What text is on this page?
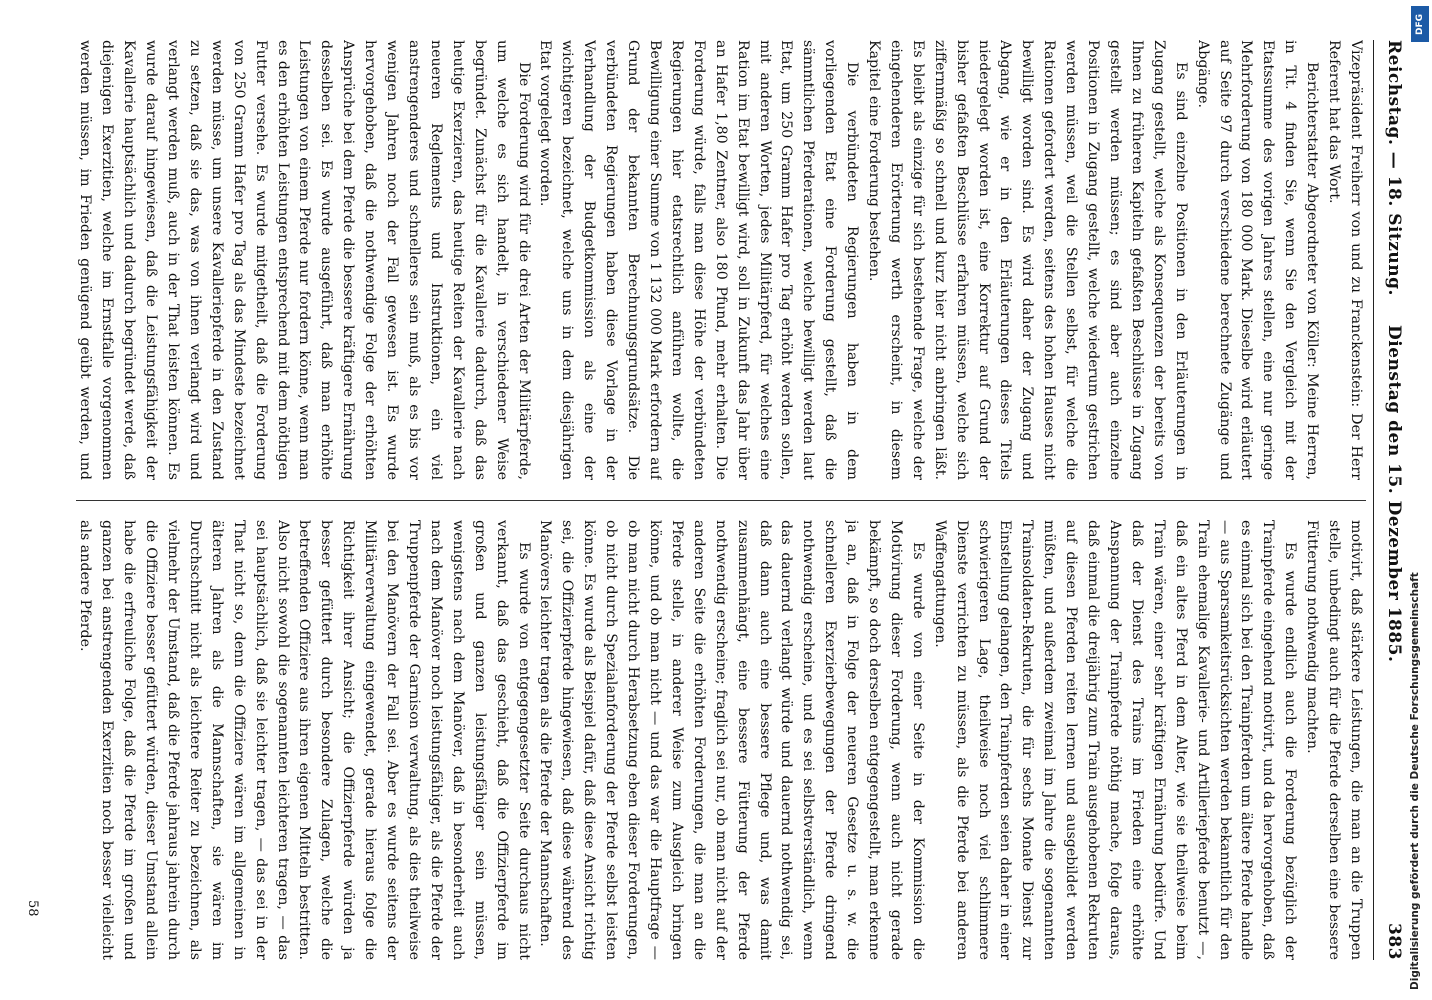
Reichstag. — 18. Sitzung.
Dienstag den 15. Dezember 1885.
383

Vizepräsident Freiherr von und zu Franckenstein: Der Herr Referent hat das Wort.

Berichterstatter Abgeordneter von Köller: Meine Herren, in Tit. 4 finden Sie, wenn Sie den Vergleich mit der Etatssumme des vorigen Jahres stellen, eine nur geringe Mehrforderung von 180 000 Mark. Dieselbe wird erläutert auf Seite 97 durch verschiedene berechnete Zugänge und Abgänge.

Es sind einzelne Positionen in den Erläuterungen in Zugang gestellt, welche als Konsequenzen der bereits von Ihnen zu früheren Kapiteln gefaßten Beschlüsse in Zugang gestellt werden müssen; es sind aber auch einzelne Positionen in Zugang gestellt, welche wiederum gestrichen werden müssen, weil die Stellen selbst, für welche die Rationen gefordert werden, seitens des hohen Hauses nicht bewilligt worden sind. Es wird daher der Zugang und Abgang, wie er in den Erläuterungen dieses Titels niedergelegt worden ist, eine Korrektur auf Grund der bisher gefaßten Beschlüsse erfahren müssen, welche sich ziffernmäßig so schnell und kurz hier nicht anbringen läßt. Es bleibt als einzige für sich bestehende Frage, welche der eingehenderen Erörterung werth erscheint, in diesem Kapitel eine Forderung bestehen.

Die verbündeten Regierungen haben in dem vorliegenden Etat eine Forderung gestellt, daß die sämmtlichen Pferderationen, welche bewilligt werden laut Etat, um 250 Gramm Hafer pro Tag erhöht werden sollen, mit anderen Worten, jedes Militärpferd, für welches eine Ration im Etat bewilligt wird, soll in Zukunft das Jahr über an Hafer 1,80 Zentner, also 180 Pfund, mehr erhalten. Die Forderung würde, falls man diese Höhe der verbündeten Regierungen hier etatsrechtlich anführen wollte, die Bewilligung einer Summe von 1 132 000 Mark erfordern auf Grund der bekannten Berechnungsgrundsätze. Die verbündeten Regierungen haben diese Vorlage in der Verhandlung der Budgetkommission als eine der wichtigeren bezeichnet, welche uns in dem diesjährigen Etat vorgelegt worden.

Die Forderung wird für die drei Arten der Militärpferde, um welche es sich handelt, in verschiedener Weise begründet. Zunächst für die Kavallerie dadurch, daß das heutige Exerzieren, das heutige Reiten der Kavallerie nach neueren Reglements und Instruktionen, ein viel anstrengenderes und schnelleres sein muß, als es bis vor wenigen Jahren noch der Fall gewesen ist. Es wurde hervorgehoben, daß die nothwendige Folge der erhöhten Ansprüche bei dem Pferde die bessere kräftigere Ernährung desselben sei. Es wurde ausgeführt, daß man erhöhte Leistungen von einem Pferde nur fordern könne, wenn man es den erhöhten Leistungen entsprechend mit dem nöthigen Futter versehe. Es wurde mitgetheilt, daß die Forderung von 250 Gramm Hafer pro Tag als das Mindeste bezeichnet werden müsse, um unsere Kavalleriepferde in den Zustand zu setzen, daß sie das, was von ihnen verlangt wird und verlangt werden muß, auch in der That leisten können. Es wurde darauf hingewiesen, daß die Leistungsfähigkeit der Kavallerie hauptsächlich und dadurch begründet werde, daß diejenigen Exerzitien, welche im Ernstfalle vorgenommen werden müssen, im Frieden genügend geübt werden, und

motivirt, daß stärkere Leistungen, die man an die Truppen stelle, unbedingt auch für die Pferde derselben eine bessere Fütterung nothwendig machten.

Es wurde endlich auch die Forderung bezüglich der Trainpferde eingehend motivirt, und da hervorgehoben, daß es einmal sich bei den Trainpferden um ältere Pferde handle — aus Sparsamkeitsrücksichten werden bekanntlich für den Train ehemalige Kavallerie- und Artilleriepferde benutzt —, daß ein altes Pferd in dem Alter, wie sie theilweise beim Train wären, einer sehr kräftigen Ernährung bedürfe. Und daß der Dienst des Trains im Frieden eine erhöhte Anspannung der Trainpferde nöthig mache, folge daraus, daß einmal die dreijährig zum Train ausgehobenen Rekruten auf diesen Pferden reiten lernen und ausgebildet werden müßten, und außerdem zweimal im Jahre die sogenannten Trainsoldaten-Rekruten, die für sechs Monate Dienst zur Einstellung gelangen, den Trainpferden seien daher in einer schwierigeren Lage, theilweise noch viel schlimmere Dienste verrichten zu müssen, als die Pferde bei anderen Waffengattungen.

Es wurde von einer Seite in der Kommission die Motivirung dieser Forderung, wenn auch nicht gerade bekämpft, so doch derselben entgegengestellt, man erkenne ja an, daß in Folge der neueren Gesetze u. s. w. die schnelleren Exerzierbewegungen der Pferde dringend nothwendig erscheine, und es sei selbstverständlich, wenn das dauernd verlangt würde und dauernd nothwendig sei, daß dann auch eine bessere Pflege und, was damit zusammenhängt, eine bessere Fütterung der Pferde nothwendig erscheine; fraglich sei nur, ob man nicht auf der anderen Seite die erhöhten Forderungen, die man an die Pferde stelle, in anderer Weise zum Ausgleich bringen könne, und ob man nicht — und das war die Hauptfrage — ob man nicht durch Herabsetzung eben dieser Forderungen, ob nicht durch Spezialanforderung der Pferde selbst leisten könne. Es wurde als Beispiel dafür, daß diese Ansicht richtig sei, die Offizierpferde hingewiesen, daß diese während des Manövers leichter tragen als die Pferde der Mannschaften.

Es wurde von entgegengesetzter Seite durchaus nicht verkannt, daß das geschieht, daß die Offizierpferde im großen und ganzen leistungsfähiger sein müssen, wenigstens nach dem Manöver, daß in besonderheit auch nach dem Manöver noch leistungsfähiger, als die Pferde der Truppenpferde der Garnison verwaltung, als dies theilweise bei den Manövern der Fall sei. Aber es wurde seitens der Militärverwaltung eingewendet, gerade hieraus folge die Richtigkeit ihrer Ansicht; die Offizierpferde würden ja besser gefüttert durch besondere Zulagen, welche die betreffenden Offiziere aus ihren eigenen Mitteln bestritten. Also nicht sowohl die sogenannten leichteren tragen, — das sei hauptsächlich, daß sie leichter tragen, — das sei in der That nicht so, denn die Offiziere wären im allgemeinen in älteren Jahren als die Mannschaften, sie wären im Durchschnitt nicht als leichtere Reiter zu bezeichnen, als vielmehr der Umstand, daß die Pferde jahraus jahrein durch die Offiziere besser gefüttert würden, dieser Umstand allein habe die erfreuliche Folge, daß die Pferde im großen und ganzen bei anstrengenden Exerzitien noch besser vielleicht als andere Pferde.

58	Digitalisierung gefördert durch die Deutsche Forschungsgemeinschaft
DFG
